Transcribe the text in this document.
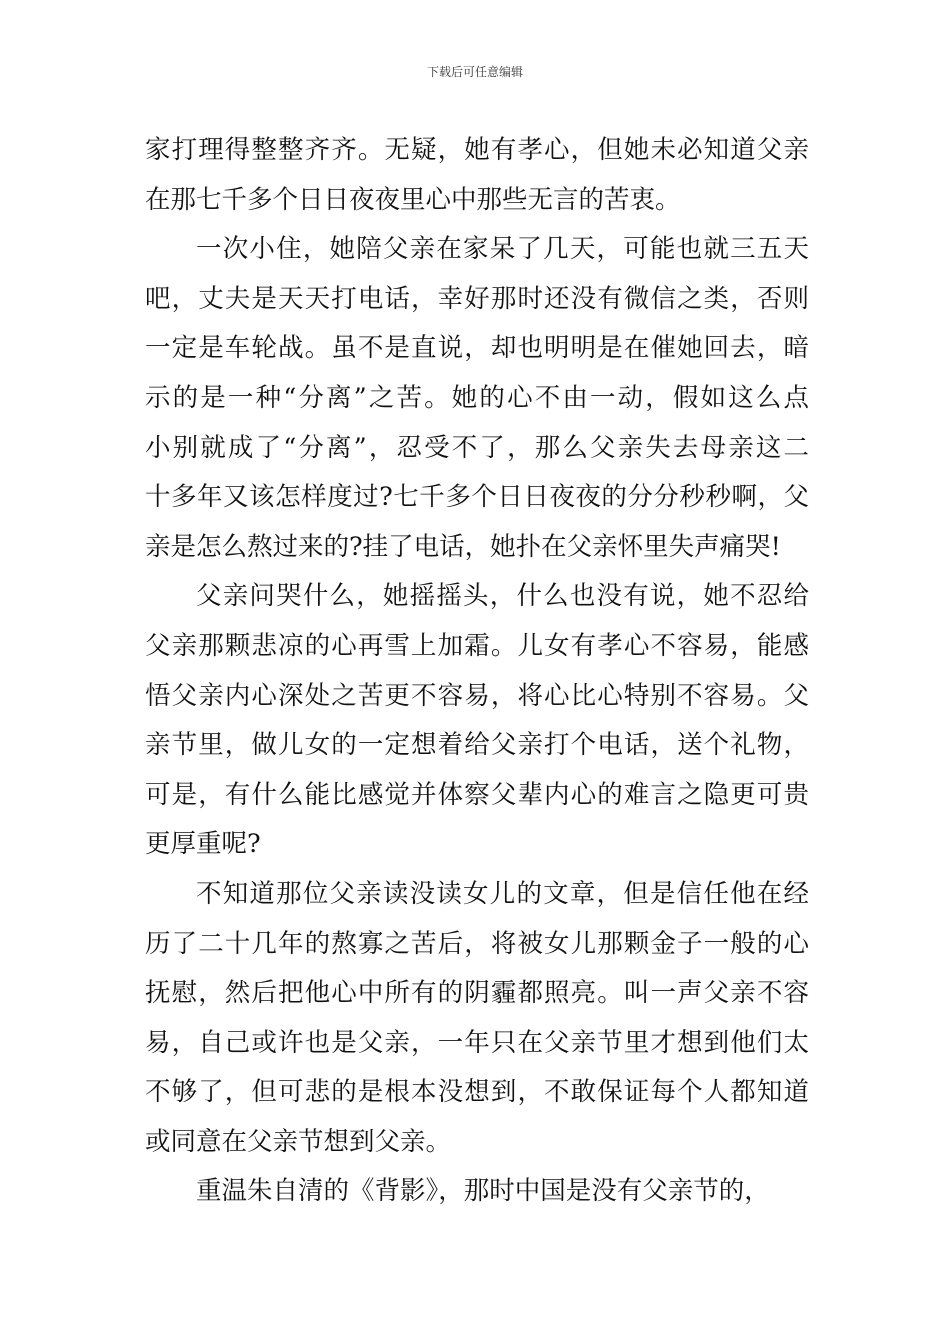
下载后可任意编辑
家打理得整整齐齐。无疑，她有孝心，但她未必知道父亲
在那七千多个日日夜夜里心中那些无言的苦衷。
一次小住，她陪父亲在家呆了几天，可能也就三五天
吧，丈夫是天天打电话，幸好那时还没有微信之类，否则
一定是车轮战。虽不是直说，却也明明是在催她回去，暗
示的是一种“分离”之苦。她的心不由一动，假如这么点
小别就成了“分离”，忍受不了，那么父亲失去母亲这二
十多年又该怎样度过?七千多个日日夜夜的分分秒秒啊，父
亲是怎么熬过来的?挂了电话，她扑在父亲怀里失声痛哭!
父亲问哭什么，她摇摇头，什么也没有说，她不忍给
父亲那颗悲凉的心再雪上加霜。儿女有孝心不容易，能感
悟父亲内心深处之苦更不容易，将心比心特别不容易。父
亲节里，做儿女的一定想着给父亲打个电话，送个礼物，
可是，有什么能比感觉并体察父辈内心的难言之隐更可贵
更厚重呢?
不知道那位父亲读没读女儿的文章，但是信任他在经
历了二十几年的熬寡之苦后，将被女儿那颗金子一般的心
抚慰，然后把他心中所有的阴霾都照亮。叫一声父亲不容
易，自己或许也是父亲，一年只在父亲节里才想到他们太
不够了，但可悲的是根本没想到，不敢保证每个人都知道
或同意在父亲节想到父亲。
重温朱自清的《背影》，那时中国是没有父亲节的，
